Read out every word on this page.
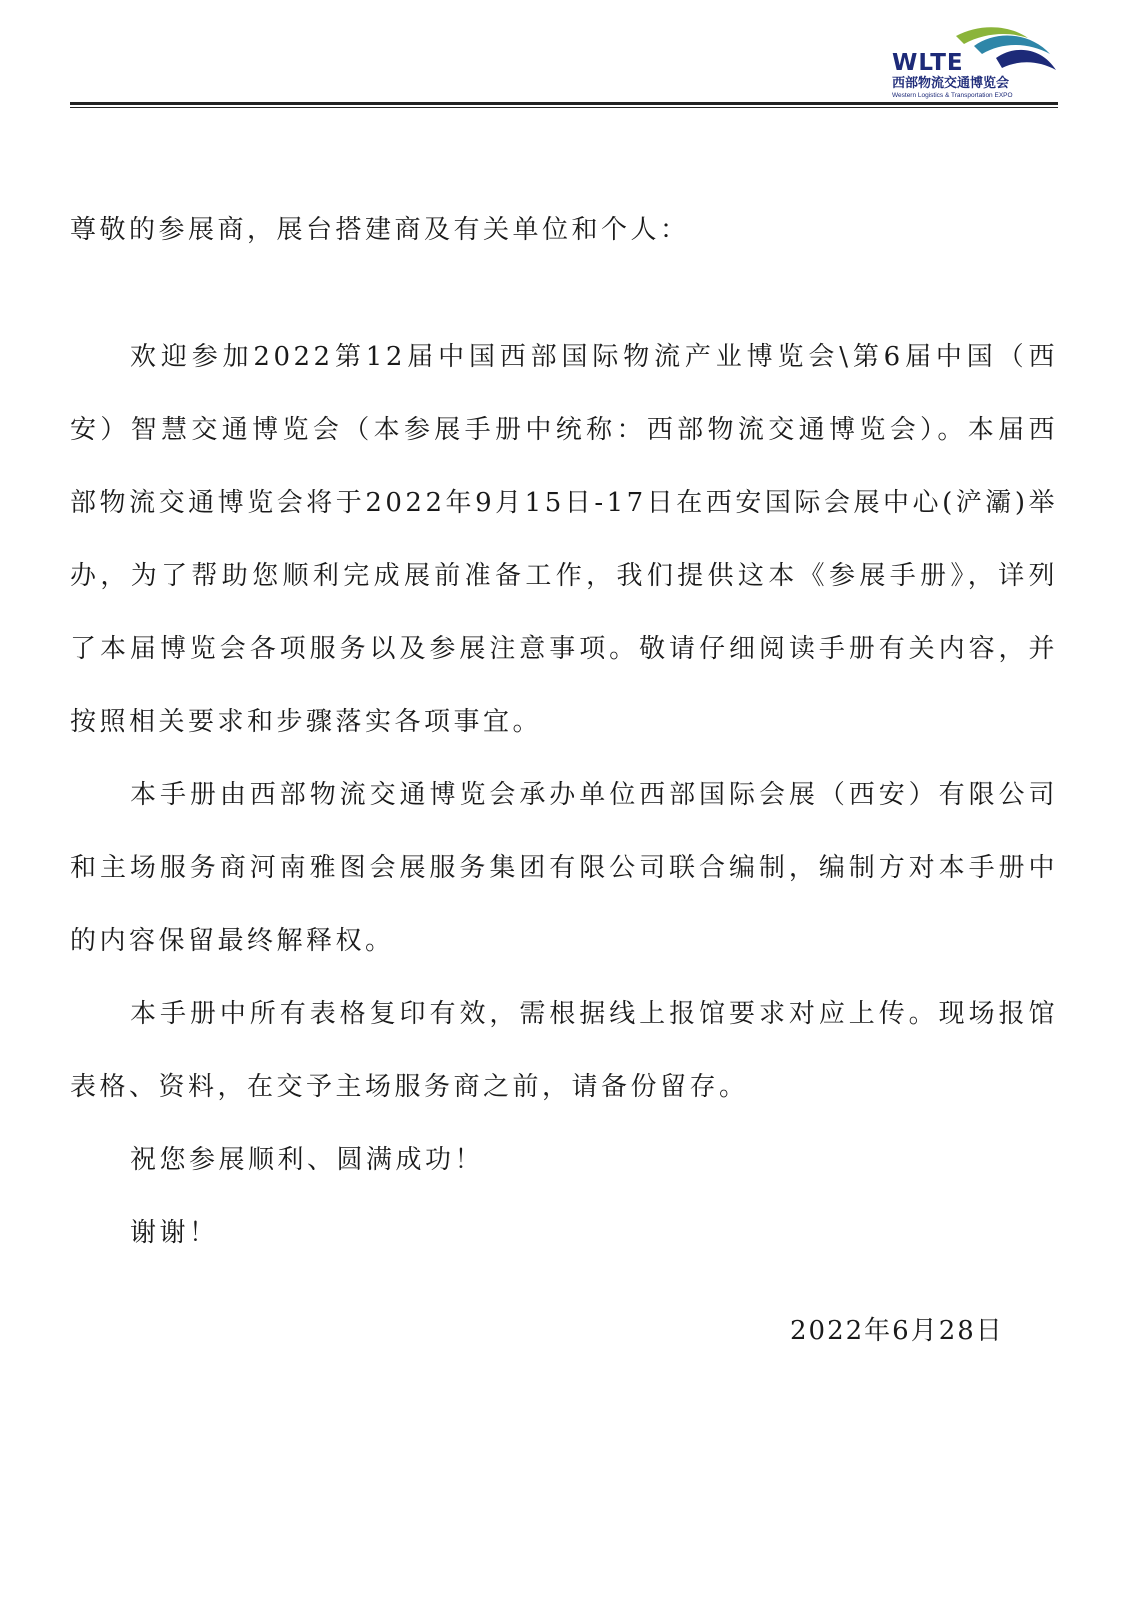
WLTE
西部物流交通博览会
Western Logistics & Transportation EXPO

尊敬的参展商，展台搭建商及有关单位和个人：

欢迎参加2022第12届中国西部国际物流产业博览会\第6届中国（西安）智慧交通博览会（本参展手册中统称：西部物流交通博览会）。本届西部物流交通博览会将于2022年9月15日-17日在西安国际会展中心(浐灞)举办，为了帮助您顺利完成展前准备工作，我们提供这本《参展手册》，详列了本届博览会各项服务以及参展注意事项。敬请仔细阅读手册有关内容，并按照相关要求和步骤落实各项事宜。

本手册由西部物流交通博览会承办单位西部国际会展（西安）有限公司和主场服务商河南雅图会展服务集团有限公司联合编制，编制方对本手册中的内容保留最终解释权。

本手册中所有表格复印有效，需根据线上报馆要求对应上传。现场报馆表格、资料，在交予主场服务商之前，请备份留存。

祝您参展顺利、圆满成功！

谢谢！

2022年6月28日
